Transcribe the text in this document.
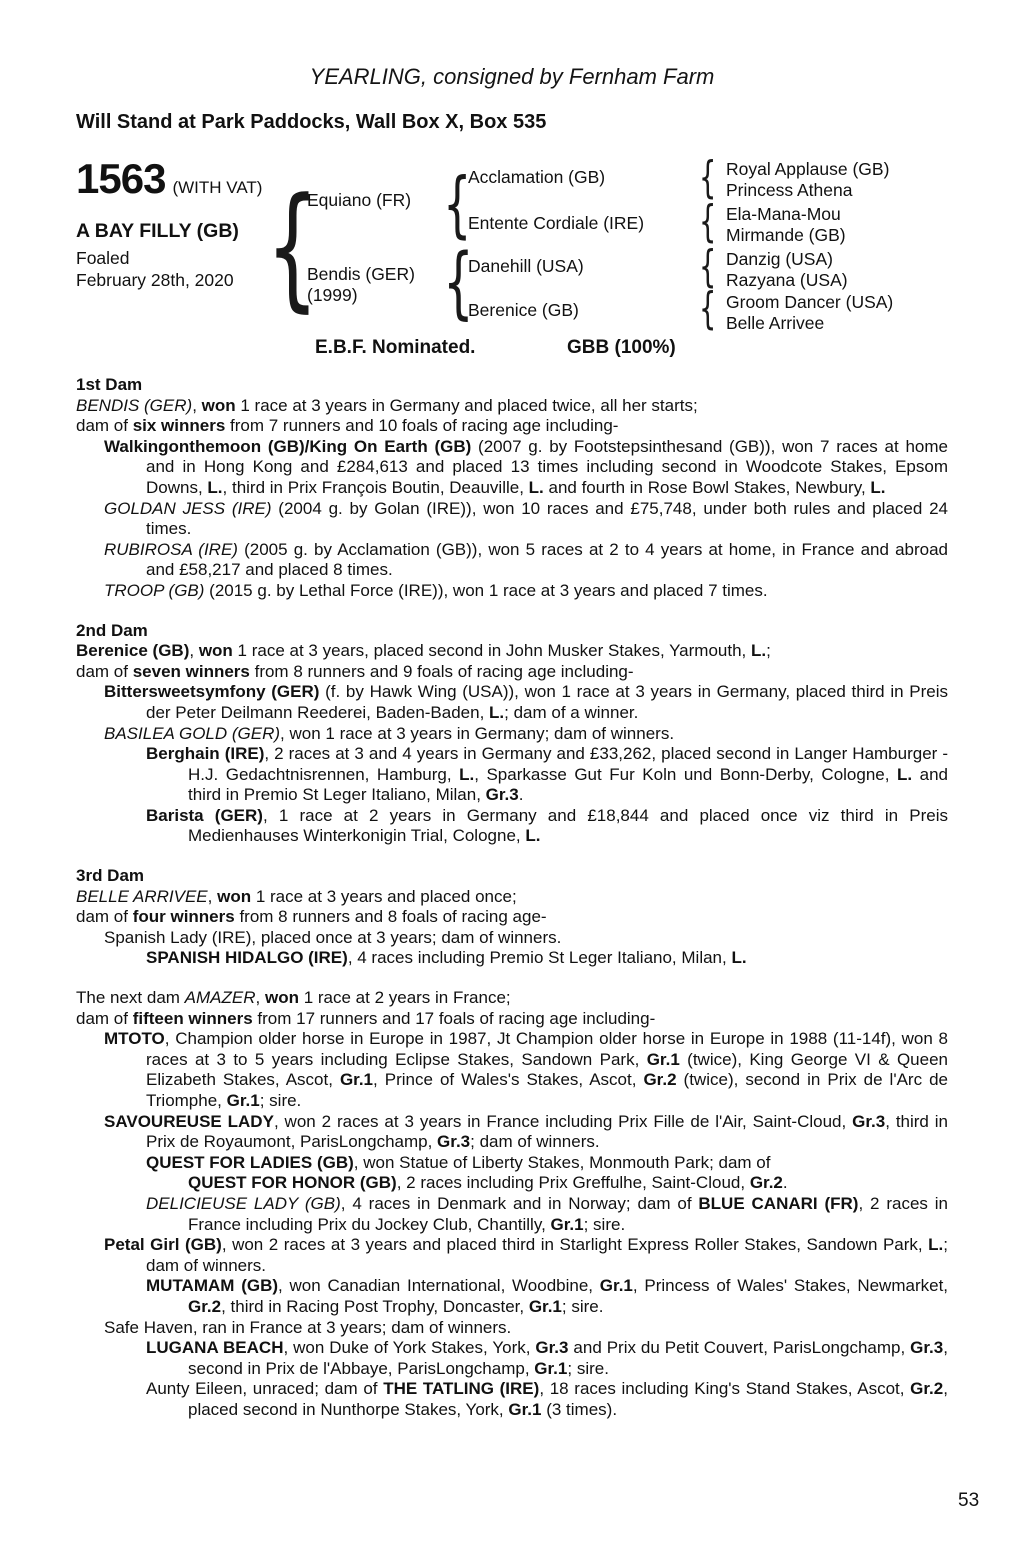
YEARLING, consigned by Fernham Farm
Will Stand at Park Paddocks, Wall Box X, Box 535
1563 (WITH VAT)
A BAY FILLY (GB)
Foaled
February 28th, 2020
{
{
{
{
{
{
{
Equiano (FR)
Bendis (GER)
(1999)
Acclamation (GB)
Entente Cordiale (IRE)
Danehill (USA)
Berenice (GB)
Royal Applause (GB)
Princess Athena
Ela-Mana-Mou
Mirmande (GB)
Danzig (USA)
Razyana (USA)
Groom Dancer (USA)
Belle Arrivee
E.B.F. Nominated.	GBB (100%)
1st Dam

BENDIS (GER), won 1 race at 3 years in Germany and placed twice, all her starts;

dam of six winners from 7 runners and 10 foals of racing age including-

Walkingonthemoon (GB)/King On Earth (GB) (2007 g. by Footstepsinthesand (GB)), won 7 races at home and in Hong Kong and £284,613 and placed 13 times including second in Woodcote Stakes, Epsom Downs, L., third in Prix François Boutin, Deauville, L. and fourth in Rose Bowl Stakes, Newbury, L.

GOLDAN JESS (IRE) (2004 g. by Golan (IRE)), won 10 races and £75,748, under both rules and placed 24 times.

RUBIROSA (IRE) (2005 g. by Acclamation (GB)), won 5 races at 2 to 4 years at home, in France and abroad and £58,217 and placed 8 times.

TROOP (GB) (2015 g. by Lethal Force (IRE)), won 1 race at 3 years and placed 7 times.

2nd Dam

Berenice (GB), won 1 race at 3 years, placed second in John Musker Stakes, Yarmouth, L.;

dam of seven winners from 8 runners and 9 foals of racing age including-

Bittersweetsymfony (GER) (f. by Hawk Wing (USA)), won 1 race at 3 years in Germany, placed third in Preis der Peter Deilmann Reederei, Baden-Baden, L.; dam of a winner.

BASILEA GOLD (GER), won 1 race at 3 years in Germany; dam of winners.

Berghain (IRE), 2 races at 3 and 4 years in Germany and £33,262, placed second in Langer Hamburger - H.J. Gedachtnisrennen, Hamburg, L., Sparkasse Gut Fur Koln und Bonn-Derby, Cologne, L. and third in Premio St Leger Italiano, Milan, Gr.3.

Barista (GER), 1 race at 2 years in Germany and £18,844 and placed once viz third in Preis Medienhauses Winterkonigin Trial, Cologne, L.

3rd Dam

BELLE ARRIVEE, won 1 race at 3 years and placed once;

dam of four winners from 8 runners and 8 foals of racing age-

Spanish Lady (IRE), placed once at 3 years; dam of winners.

SPANISH HIDALGO (IRE), 4 races including Premio St Leger Italiano, Milan, L.

The next dam AMAZER, won 1 race at 2 years in France;

dam of fifteen winners from 17 runners and 17 foals of racing age including-

MTOTO, Champion older horse in Europe in 1987, Jt Champion older horse in Europe in 1988 (11-14f), won 8 races at 3 to 5 years including Eclipse Stakes, Sandown Park, Gr.1 (twice), King George VI & Queen Elizabeth Stakes, Ascot, Gr.1, Prince of Wales's Stakes, Ascot, Gr.2 (twice), second in Prix de l'Arc de Triomphe, Gr.1; sire.

SAVOUREUSE LADY, won 2 races at 3 years in France including Prix Fille de l'Air, Saint-Cloud, Gr.3, third in Prix de Royaumont, ParisLongchamp, Gr.3; dam of winners.

QUEST FOR LADIES (GB), won Statue of Liberty Stakes, Monmouth Park; dam of

QUEST FOR HONOR (GB), 2 races including Prix Greffulhe, Saint-Cloud, Gr.2.

DELICIEUSE LADY (GB), 4 races in Denmark and in Norway; dam of BLUE CANARI (FR), 2 races in France including Prix du Jockey Club, Chantilly, Gr.1; sire.

Petal Girl (GB), won 2 races at 3 years and placed third in Starlight Express Roller Stakes, Sandown Park, L.; dam of winners.

MUTAMAM (GB), won Canadian International, Woodbine, Gr.1, Princess of Wales' Stakes, Newmarket, Gr.2, third in Racing Post Trophy, Doncaster, Gr.1; sire.

Safe Haven, ran in France at 3 years; dam of winners.

LUGANA BEACH, won Duke of York Stakes, York, Gr.3 and Prix du Petit Couvert, ParisLongchamp, Gr.3, second in Prix de l'Abbaye, ParisLongchamp, Gr.1; sire.

Aunty Eileen, unraced; dam of THE TATLING (IRE), 18 races including King's Stand Stakes, Ascot, Gr.2, placed second in Nunthorpe Stakes, York, Gr.1 (3 times).

53
